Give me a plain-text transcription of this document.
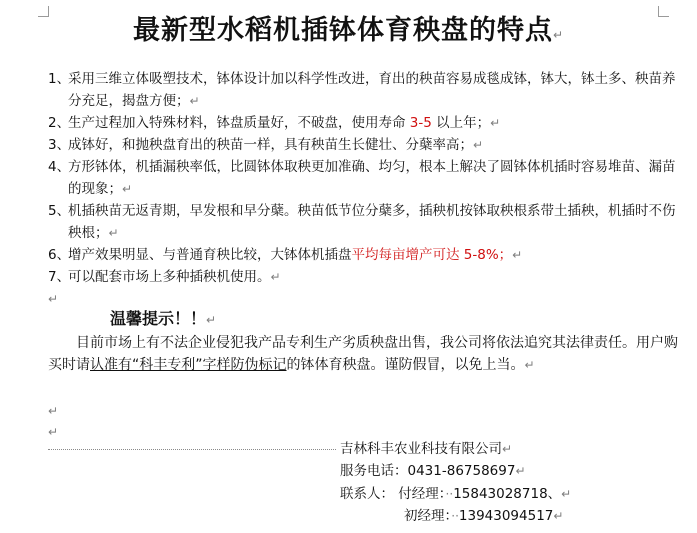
最新型水稻机插钵体育秧盘的特点↵
1、
采用三维立体吸塑技术，钵体设计加以科学性改进，育出的秧苗容易成毯成钵，钵大，钵土多、秧苗养分充足，揭盘方便；↵
2、
生产过程加入特殊材料，钵盘质量好，不破盘，使用寿命 3-5 以上年；↵
3、
成钵好，和抛秧盘育出的秧苗一样，具有秧苗生长健壮、分蘖率高；↵
4、
方形钵体，机插漏秧率低，比圆钵体取秧更加准确、均匀，根本上解决了圆钵体机插时容易堆苗、漏苗的现象；↵
5、
机插秧苗无返青期，早发根和早分蘖。秧苗低节位分蘖多，插秧机按钵取秧根系带土插秧，机插时不伤秧根；↵
6、
增产效果明显、与普通育秧比较，大钵体机插盘平均每亩增产可达 5-8%；↵
7、
可以配套市场上多种插秧机使用。↵
↵
温馨提示！！↵
  目前市场上有不法企业侵犯我产品专利生产劣质秧盘出售，我公司将依法追究其法律责任。用户购买时请认准有“科丰专利”字样防伪标记的钵体育秧盘。谨防假冒，以免上当。↵
↵
↵
吉林科丰农业科技有限公司↵
服务电话：0431-86758697↵
联系人： 付经理：··15843028718、↵
初经理：··13943094517↵
